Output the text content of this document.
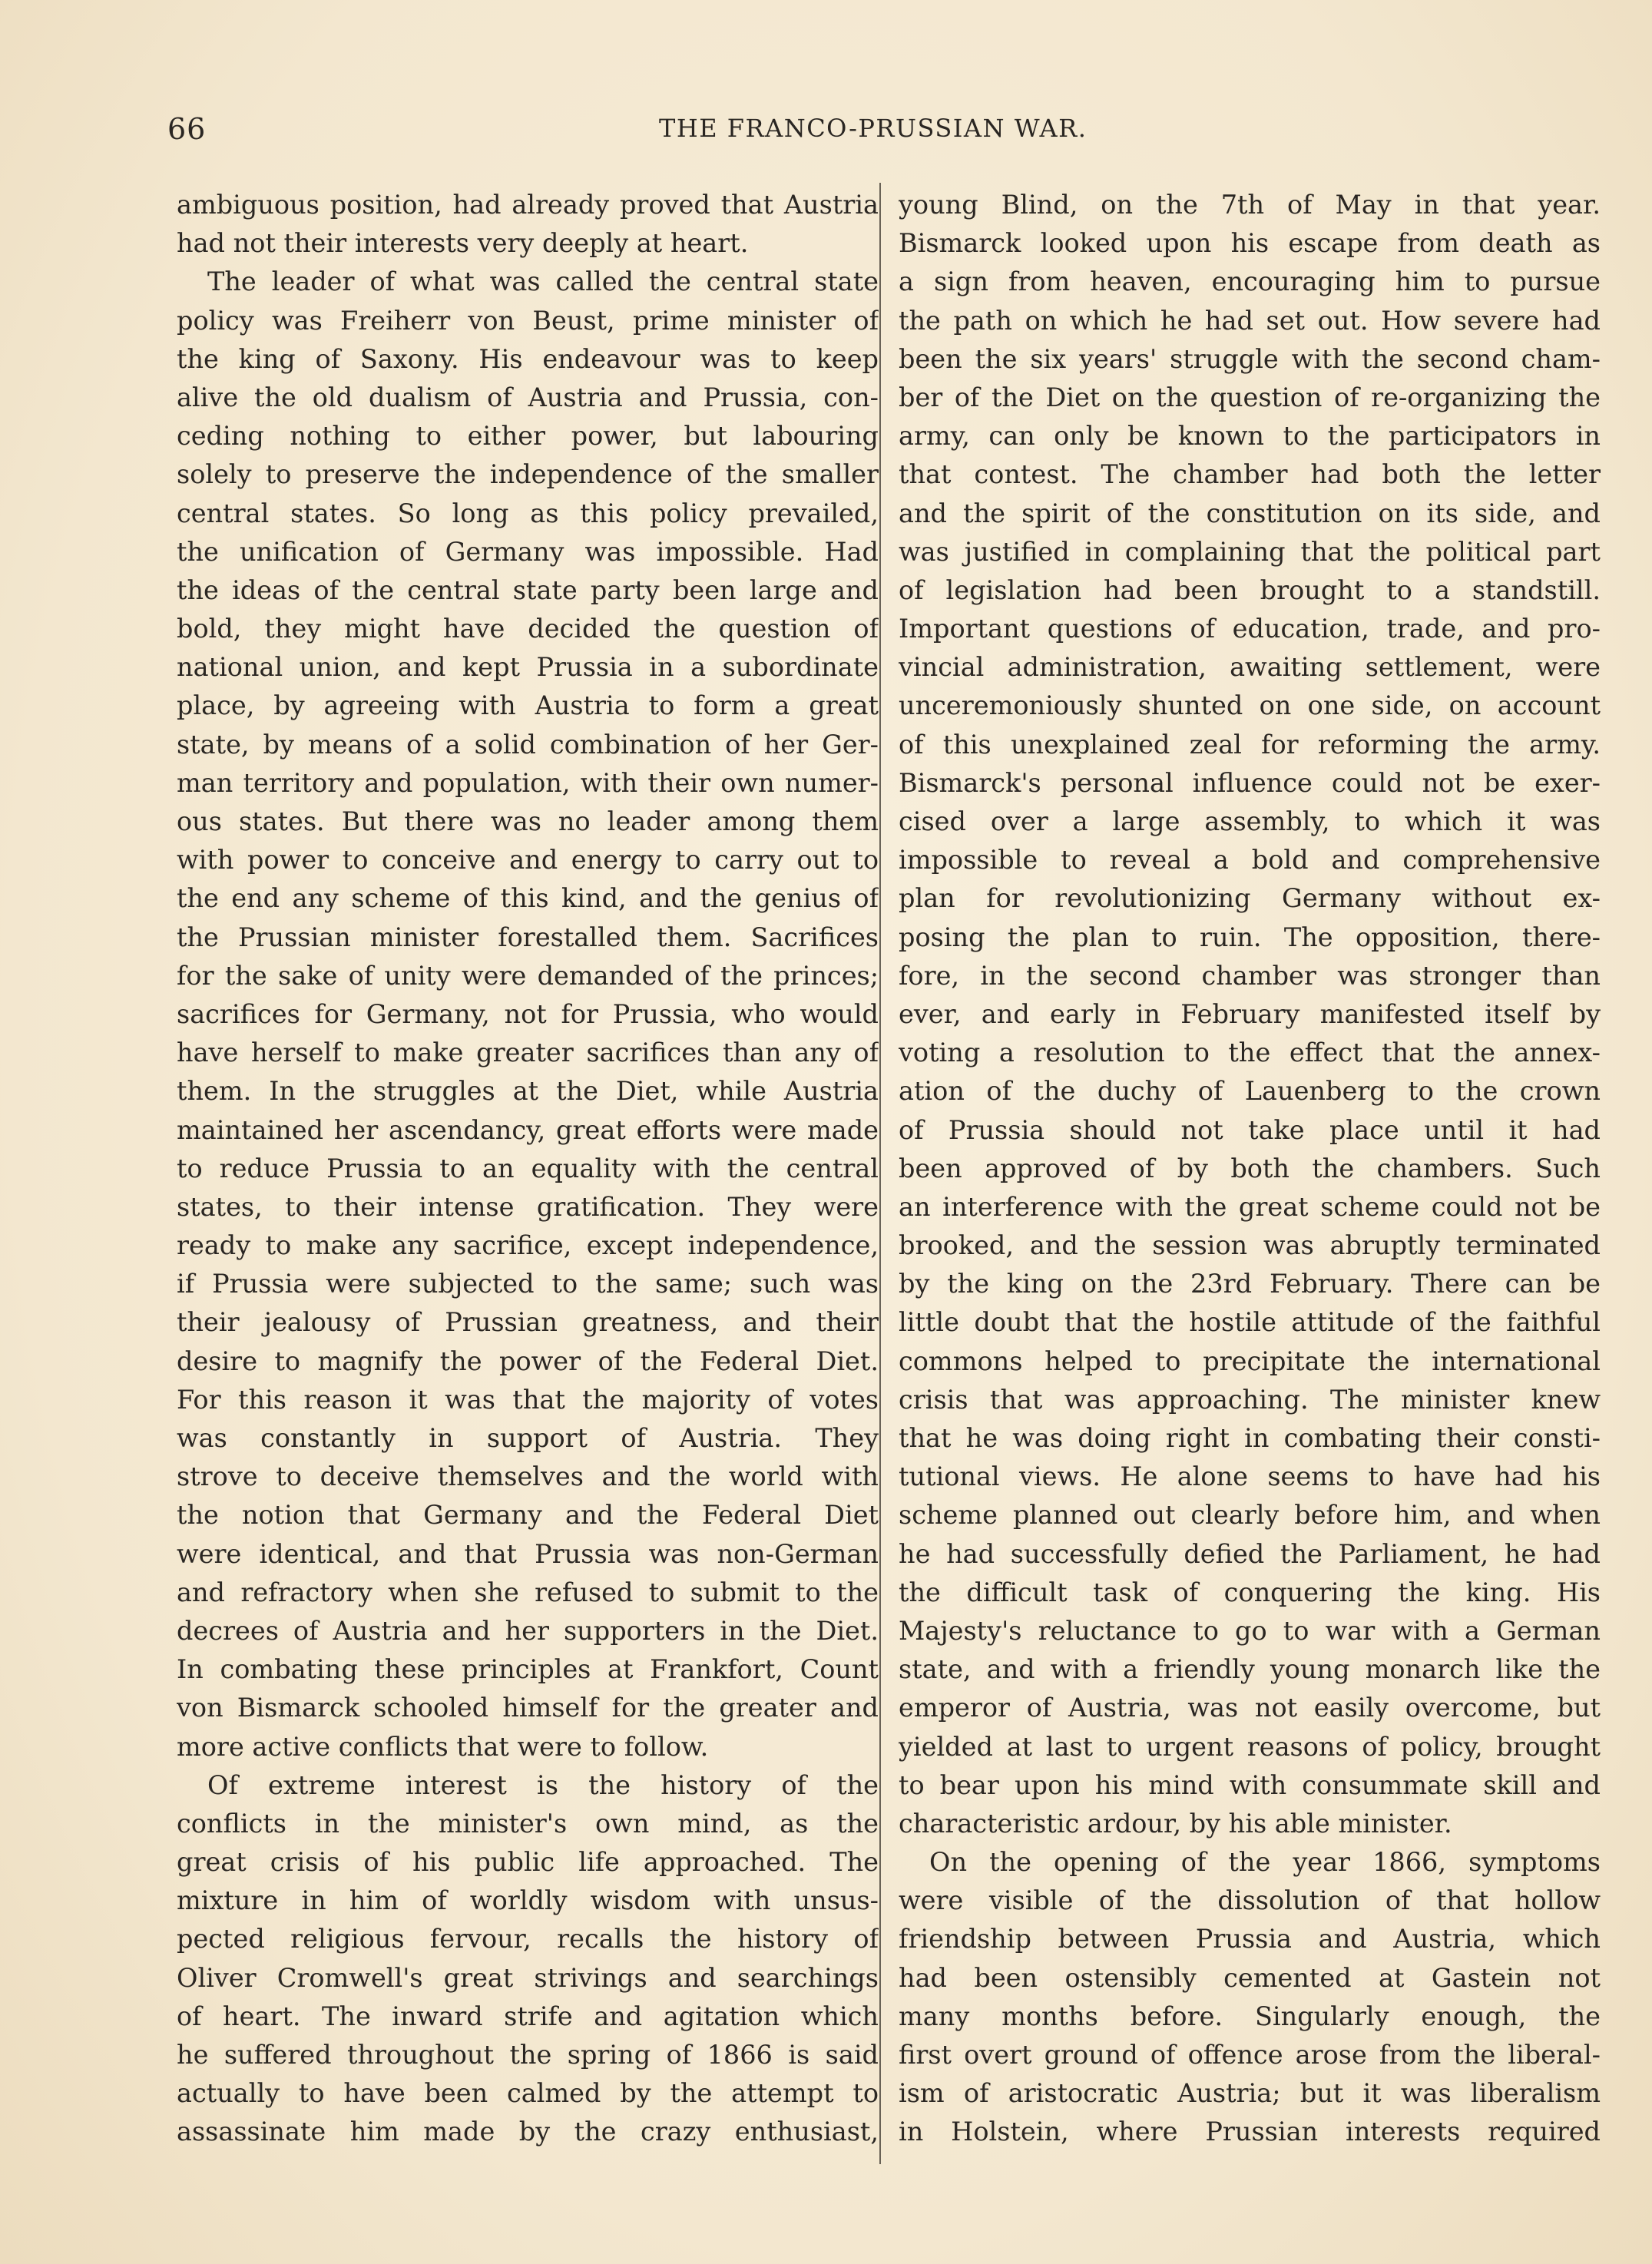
66	THE FRANCO-PRUSSIAN WAR.
ambiguous position, had already proved that Austria
had not their interests very deeply at heart.
The leader of what was called the central state
policy was Freiherr von Beust, prime minister of
the king of Saxony. His endeavour was to keep
alive the old dualism of Austria and Prussia, con-
ceding nothing to either power, but labouring
solely to preserve the independence of the smaller
central states. So long as this policy prevailed,
the unification of Germany was impossible. Had
the ideas of the central state party been large and
bold, they might have decided the question of
national union, and kept Prussia in a subordinate
place, by agreeing with Austria to form a great
state, by means of a solid combination of her Ger-
man territory and population, with their own numer-
ous states. But there was no leader among them
with power to conceive and energy to carry out to
the end any scheme of this kind, and the genius of
the Prussian minister forestalled them. Sacrifices
for the sake of unity were demanded of the princes;
sacrifices for Germany, not for Prussia, who would
have herself to make greater sacrifices than any of
them. In the struggles at the Diet, while Austria
maintained her ascendancy, great efforts were made
to reduce Prussia to an equality with the central
states, to their intense gratification. They were
ready to make any sacrifice, except independence,
if Prussia were subjected to the same; such was
their jealousy of Prussian greatness, and their
desire to magnify the power of the Federal Diet.
For this reason it was that the majority of votes
was constantly in support of Austria. They
strove to deceive themselves and the world with
the notion that Germany and the Federal Diet
were identical, and that Prussia was non-German
and refractory when she refused to submit to the
decrees of Austria and her supporters in the Diet.
In combating these principles at Frankfort, Count
von Bismarck schooled himself for the greater and
more active conflicts that were to follow.
Of extreme interest is the history of the
conflicts in the minister's own mind, as the
great crisis of his public life approached. The
mixture in him of worldly wisdom with unsus-
pected religious fervour, recalls the history of
Oliver Cromwell's great strivings and searchings
of heart. The inward strife and agitation which
he suffered throughout the spring of 1866 is said
actually to have been calmed by the attempt to
assassinate him made by the crazy enthusiast,
young Blind, on the 7th of May in that year.
Bismarck looked upon his escape from death as
a sign from heaven, encouraging him to pursue
the path on which he had set out. How severe had
been the six years' struggle with the second cham-
ber of the Diet on the question of re-organizing the
army, can only be known to the participators in
that contest. The chamber had both the letter
and the spirit of the constitution on its side, and
was justified in complaining that the political part
of legislation had been brought to a standstill.
Important questions of education, trade, and pro-
vincial administration, awaiting settlement, were
unceremoniously shunted on one side, on account
of this unexplained zeal for reforming the army.
Bismarck's personal influence could not be exer-
cised over a large assembly, to which it was
impossible to reveal a bold and comprehensive
plan for revolutionizing Germany without ex-
posing the plan to ruin. The opposition, there-
fore, in the second chamber was stronger than
ever, and early in February manifested itself by
voting a resolution to the effect that the annex-
ation of the duchy of Lauenberg to the crown
of Prussia should not take place until it had
been approved of by both the chambers. Such
an interference with the great scheme could not be
brooked, and the session was abruptly terminated
by the king on the 23rd February. There can be
little doubt that the hostile attitude of the faithful
commons helped to precipitate the international
crisis that was approaching. The minister knew
that he was doing right in combating their consti-
tutional views. He alone seems to have had his
scheme planned out clearly before him, and when
he had successfully defied the Parliament, he had
the difficult task of conquering the king. His
Majesty's reluctance to go to war with a German
state, and with a friendly young monarch like the
emperor of Austria, was not easily overcome, but
yielded at last to urgent reasons of policy, brought
to bear upon his mind with consummate skill and
characteristic ardour, by his able minister.
On the opening of the year 1866, symptoms
were visible of the dissolution of that hollow
friendship between Prussia and Austria, which
had been ostensibly cemented at Gastein not
many months before. Singularly enough, the
first overt ground of offence arose from the liberal-
ism of aristocratic Austria; but it was liberalism
in Holstein, where Prussian interests required
